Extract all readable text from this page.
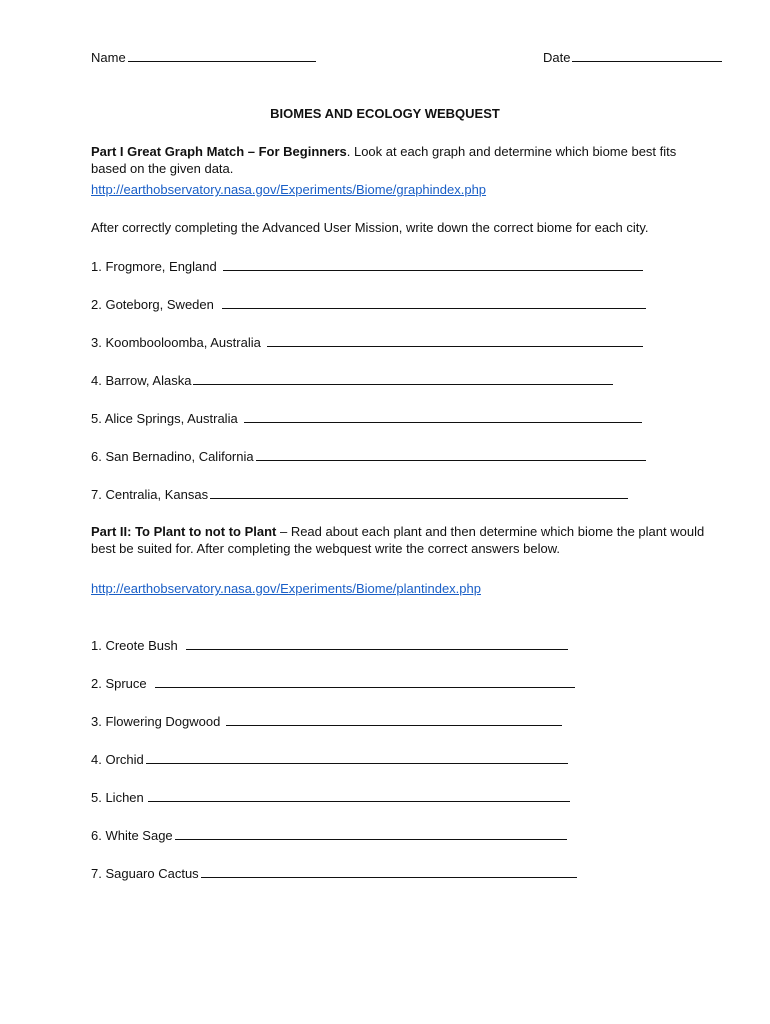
Name	Date
BIOMES AND ECOLOGY WEBQUEST
Part I Great Graph Match – For Beginners. Look at each graph and determine which biome best fits based on the given data.
http://earthobservatory.nasa.gov/Experiments/Biome/graphindex.php
After correctly completing the Advanced User Mission, write down the correct biome for each city.
1. Frogmore, England
2. Goteborg, Sweden
3. Koombooloomba, Australia
4. Barrow, Alaska
5. Alice Springs, Australia
6. San Bernadino, California
7. Centralia, Kansas
Part II: To Plant to not to Plant – Read about each plant and then determine which biome the plant would best be suited for. After completing the webquest write the correct answers below.
http://earthobservatory.nasa.gov/Experiments/Biome/plantindex.php
1. Creote Bush
2. Spruce
3. Flowering Dogwood
4. Orchid
5. Lichen
6. White Sage
7. Saguaro Cactus
